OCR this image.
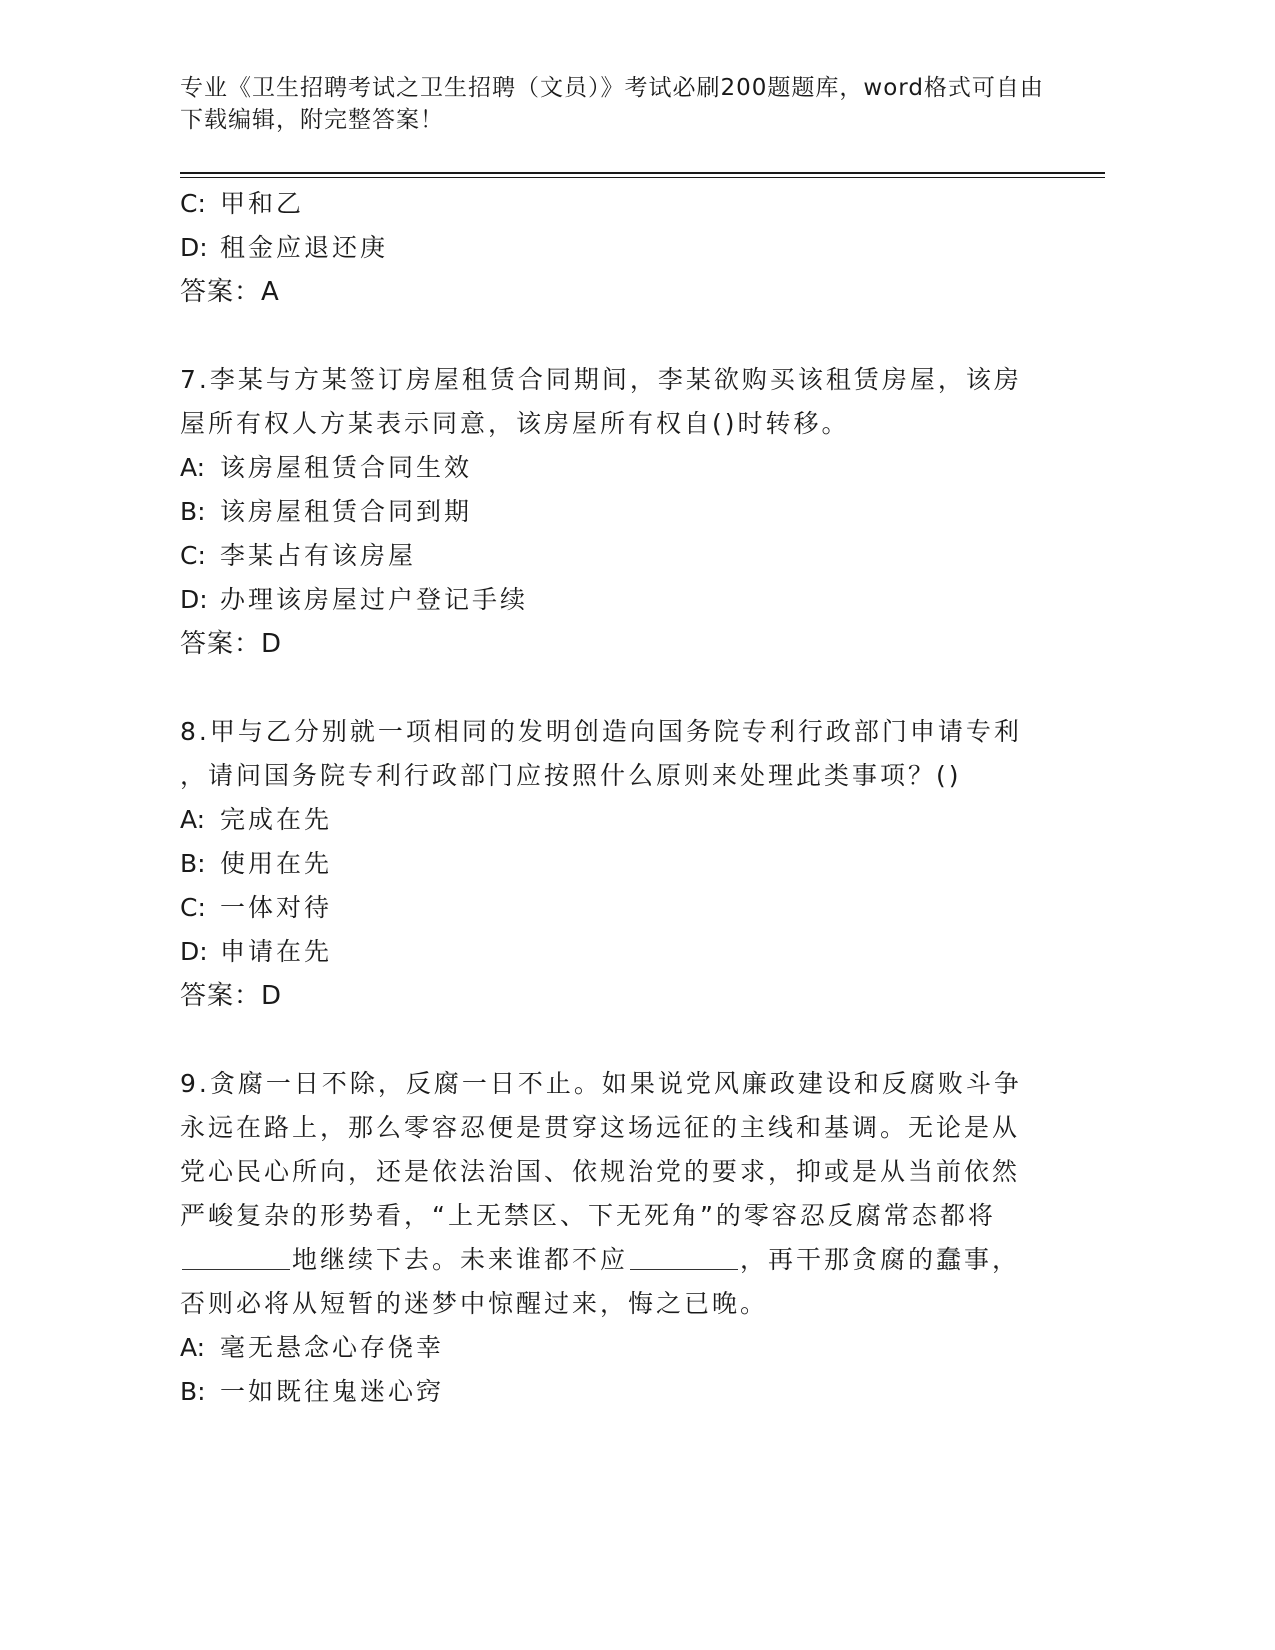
专业《卫生招聘考试之卫生招聘（文员）》考试必刷200题题库，word格式可自由下载编辑，附完整答案！
C: 甲和乙
D: 租金应退还庚
答案：A
7.李某与方某签订房屋租赁合同期间，李某欲购买该租赁房屋，该房
屋所有权人方某表示同意，该房屋所有权自()时转移。
A: 该房屋租赁合同生效
B: 该房屋租赁合同到期
C: 李某占有该房屋
D: 办理该房屋过户登记手续
答案：D
8.甲与乙分别就一项相同的发明创造向国务院专利行政部门申请专利
，请问国务院专利行政部门应按照什么原则来处理此类事项？()
A: 完成在先
B: 使用在先
C: 一体对待
D: 申请在先
答案：D
9.贪腐一日不除，反腐一日不止。如果说党风廉政建设和反腐败斗争
永远在路上，那么零容忍便是贯穿这场远征的主线和基调。无论是从
党心民心所向，还是依法治国、依规治党的要求，抑或是从当前依然
严峻复杂的形势看，“上无禁区、下无死角”的零容忍反腐常态都将
地继续下去。未来谁都不应	，再干那贪腐的蠢事，
否则必将从短暂的迷梦中惊醒过来，悔之已晚。
A: 毫无悬念心存侥幸
B: 一如既往鬼迷心窍
